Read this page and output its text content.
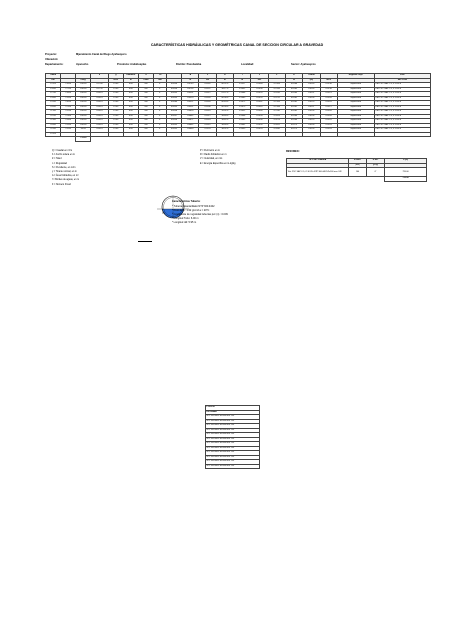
CARACTERÍSTICAS HIDRÁULICAS Y GEOMÉTRICAS CANAL DE SECCION CIRCULAR A GRAVEDAD
Proyecto:	Mjeramiento Canal de Riego Ayahuaycco
Ubicación:
Departamento:	Ayacucho	Provincia: Andahuaylas	Distrito: Pacobamba	Localidad:	Sector: Ayahuaycco
Tramo			n	Q	Diámetro	θ	Yn		A	P	R	T	V	F	E	Tirante		Régimen Flujo	PIPE
Km		Long.		m3/s	in	Clase	mm		m	m2	m	m	m/s		m	(m)	m3/s		SECCIÓN
1+553	1+650	100.00	0.1760	15.00	6.00	160	6"	0.0056	0.0749	0.0262	40.51%	0.1527	0.1484	0.2398	0.0286	0.0216	0.0216	Supercrítico	Tub. PVC SAP C-5, 6"-6 KPa
1+650	1+750	100.00	0.1759	15.00	6.00	160	6"	0.0056	0.0705	0.0247	38.17%	0.1492	0.1458	0.2334	0.0285	0.0216	0.0216	Supercrítico	Tub. PVC SAP C-5, 6"-6 KPa
1+750	1+850	100.00	0.0474	15.00	6.00	160	6"	0.0059	0.0901	0.0327	41.27%	0.1466	0.1455	0.2290	0.0283	0.0221	0.0221	Supercrítico	Tub. PVC SAP C-5, 6"-6 KPa
1+850	1+950	100.00	0.0474	15.00	6.00	160	6"	0.0059	0.0910	0.0326	40.96%	0.1469	0.1455	0.2212	0.0282	0.0226	0.0226	Supercrítico	Tub. PVC SAP C-5, 6"-6 KPa
1+950	2+050	100.00	0.0474	15.00	6.00	160	6"	0.0060	0.0921	0.0328	40.63%	0.1472	0.1461	0.2196	0.0281	0.0229	0.0229	Supercrítico	Tub. PVC SAP C-5, 6"-6 KPa
2+050	2+150	100.00	0.0474	15.00	6.00	160	6"	0.0059	0.0931	0.0330	40.58%	0.1475	0.1465	0.2148	0.0281	0.0227	0.0227	Supercrítico	Tub. PVC SAP C-5, 6"-6 KPa
2+150	2+250	100.00	0.0474	15.00	6.00	160	6"	0.0058	0.0890	0.0319	39.01%	0.1452	0.1440	0.2116	0.0281	0.0226	0.0226	Supercrítico	Tub. PVC SAP C-5, 6"-6 KPa
2+250	2+350	100.00	0.0474	15.00	6.00	160	6"	0.0057	0.0882	0.0317	38.84%	0.1448	0.1434	0.2093	0.0280	0.0226	0.0226	Supercrítico	Tub. PVC SAP C-5, 6"-6 KPa
2+350	2+450	100.00	0.0474	15.00	6.00	160	6"	0.0056	0.0871	0.0314	38.62%	0.1445	0.1430	0.2074	0.0280	0.0225	0.0225	Supercrítico	Tub. PVC SAP C-5, 6"-6 KPa
2+450	2+550	100.00	0.0474	15.00	6.00	160	6"	0.0055	0.0862	0.0312	38.40%	0.1441	0.1426	0.2052	0.0279	0.0224	0.0224	Supercrítico	Tub. PVC SAP C-5, 6"-6 KPa
2+550	2+593	43.00	0.0474	15.00	6.00	160	6"	0.0055	0.0860	0.0311	38.31%	0.1439	0.1424	0.2040	0.0279	0.0224	0.0224	Supercrítico	Tub. PVC SAP C-5, 6"-6 KPa
1+553																			
		733.00																	
Q = Caudal en m³/s
b = Ancho solera en m
Z = Talud
n = Rugosidad
S = Pendiente, en m/m
y = Tirante normal, en m
A = Área hidráulica, en m²
f = Bordes de aguas, en m
F = Número Froud
Yn
P = Perímetro en m
R = Radio hidráulico en m
V = Velocidad, en m/s
E = Energía Específica en m-kg/kg
Características Tubería:
* Tubería Alcantarillado NTP 360.4402
* Peso Esp.: 1.42 g/cm3 a = 20°C
* Coeficiente de rugosidad tuberías pvc (n) : 0.009
* Longitud Tubo: 6.00 m
* Longitud útil: 5.95 m
RESUMEN :
TIPO DE TUBERIA	Ø nom.	Ø inc.	L (m)
	(mm)	(pulg)	
Tub. PVC SAP C-5, 6"-6 KPa NTP 360.4402 Ø=160 mm. U/F	160	6"	733.00
			733.00
POZUTA
DN CANAL
NTP 360.4402 Ø=160 mm. U/F
NTP 360.4402 Ø=160 mm. U/F
NTP 360.4402 Ø=160 mm. U/F
NTP 360.4402 Ø=160 mm. U/F
NTP 360.4402 Ø=160 mm. U/F
NTP 360.4402 Ø=160 mm. U/F
NTP 360.4402 Ø=160 mm. U/F
NTP 360.4402 Ø=160 mm. U/F
NTP 360.4402 Ø=160 mm. U/F
NTP 360.4402 Ø=160 mm. U/F
NTP 360.4402 Ø=160 mm. U/F
NTP 360.4402 Ø=160 mm. U/F
